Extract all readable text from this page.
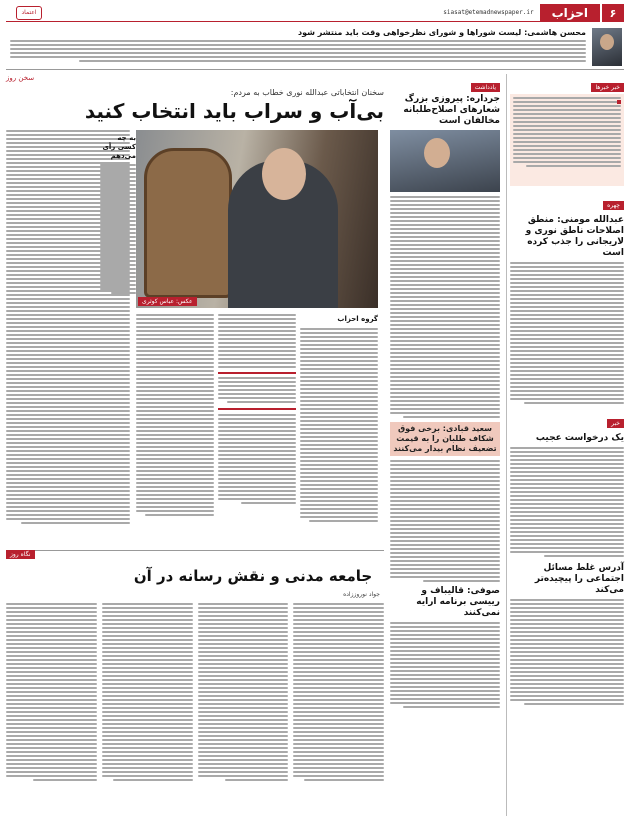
۶
احزاب
siasat@etemadnewspaper.ir
اعتماد
محسن هاشمی: لیست شوراها و شورای نظرخواهی وقت باید منتشر شود
خبر خبرها
چهره
عبدالله مومنی: منطق اصلاحات ناطق نوری و لاریجانی را جذب کرده است
خبر
یک درخواست عجیب
آدرس غلط مسائل اجتماعی را پیچیده‌تر می‌کند
یادداشت
جرداره: پیروزی بزرگ شعارهای اصلاح‌طلبانه مخالفان است
سعید قبادی: برخی فوق شکاف طلبان را به قیمت تضعیف نظام بیدار می‌کنند
صوفی: قالیباف و رییسی برنامه ارایه نمی‌کنند
سخن روز
سخنان انتخاباتی عبدالله نوری خطاب به مردم:
بی‌آب و سراب باید انتخاب کنید
عکس: عباس کوثری
گروه احزاب
به چه کسی رأی می‌دهم
نگاه روز
جامعه مدنی و نقش رسانه در آن
جواد نوروززاده
